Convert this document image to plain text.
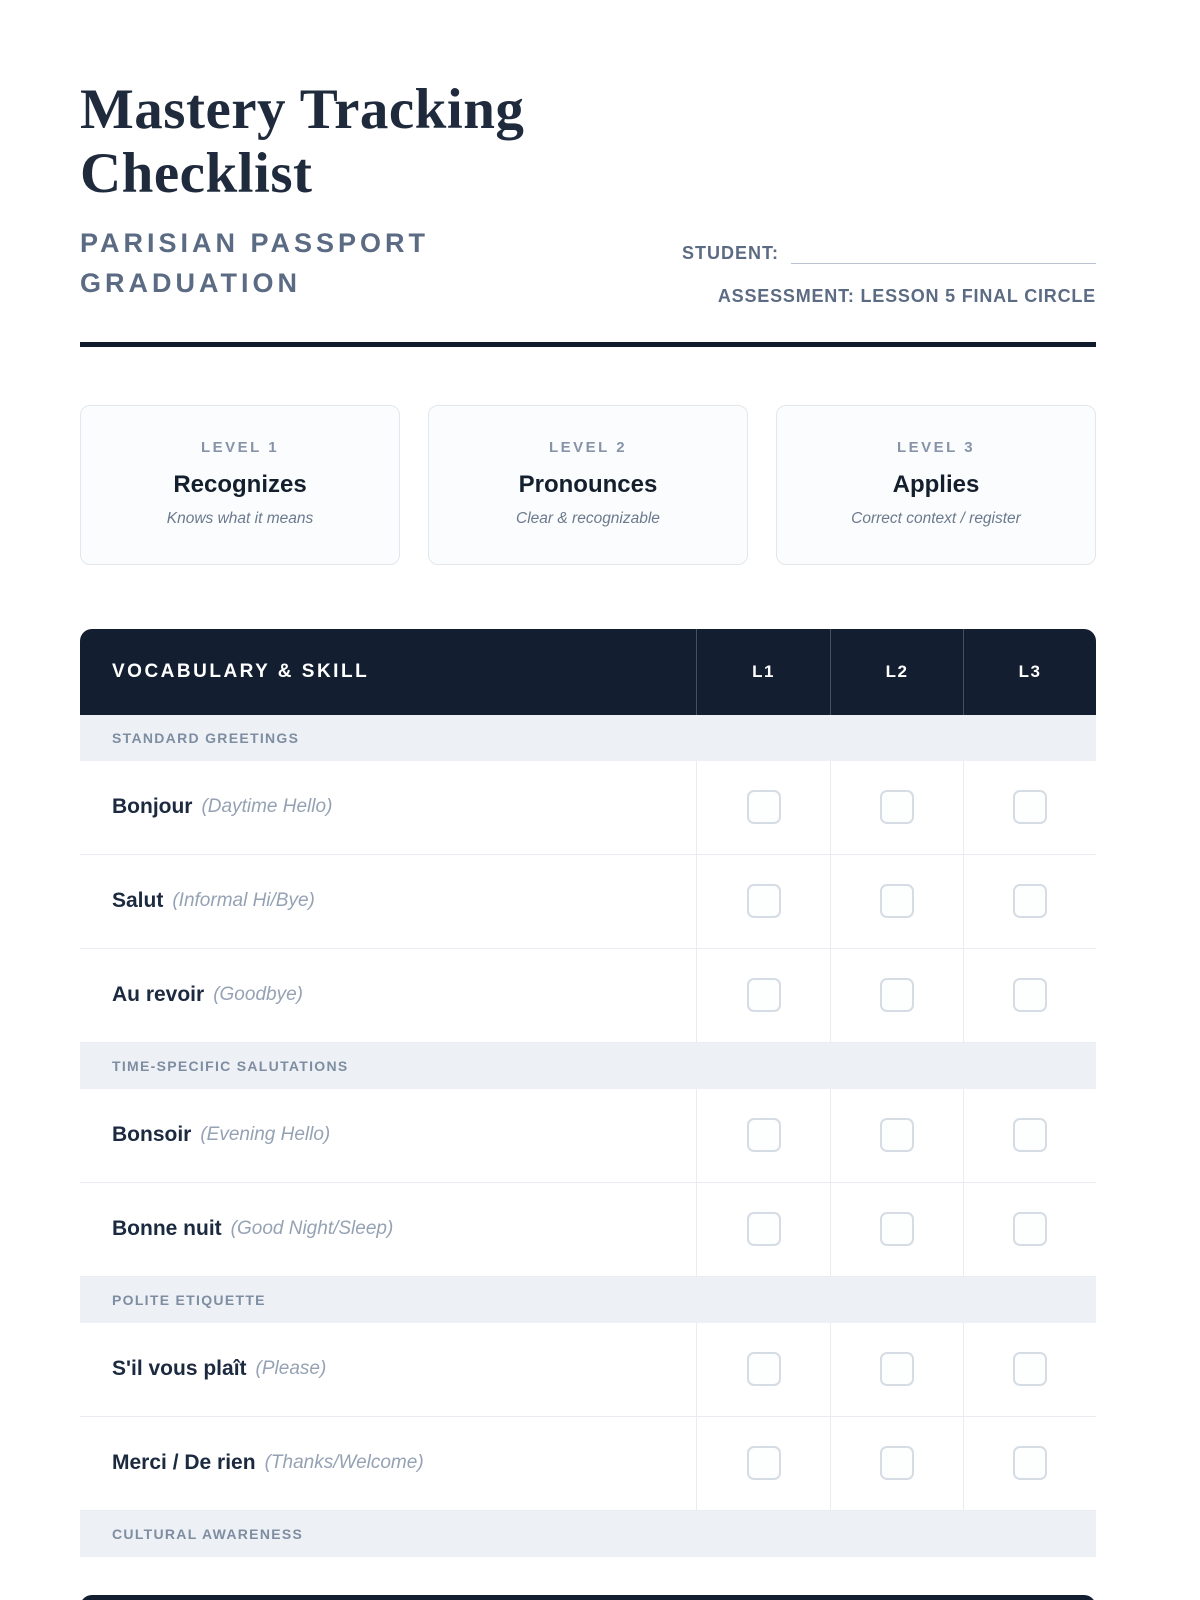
Mastery Tracking Checklist
PARISIAN PASSPORT GRADUATION
STUDENT:
ASSESSMENT: LESSON 5 FINAL CIRCLE
LEVEL 1
Recognizes
Knows what it means
LEVEL 2
Pronounces
Clear & recognizable
LEVEL 3
Applies
Correct context / register
VOCABULARY & SKILL	L1	L2	L3
STANDARD GREETINGS
Bonjour (Daytime Hello)
Salut (Informal Hi/Bye)
Au revoir (Goodbye)
TIME-SPECIFIC SALUTATIONS
Bonsoir (Evening Hello)
Bonne nuit (Good Night/Sleep)
POLITE ETIQUETTE
S'il vous plaît (Please)
Merci / De rien (Thanks/Welcome)
CULTURAL AWARENESS
